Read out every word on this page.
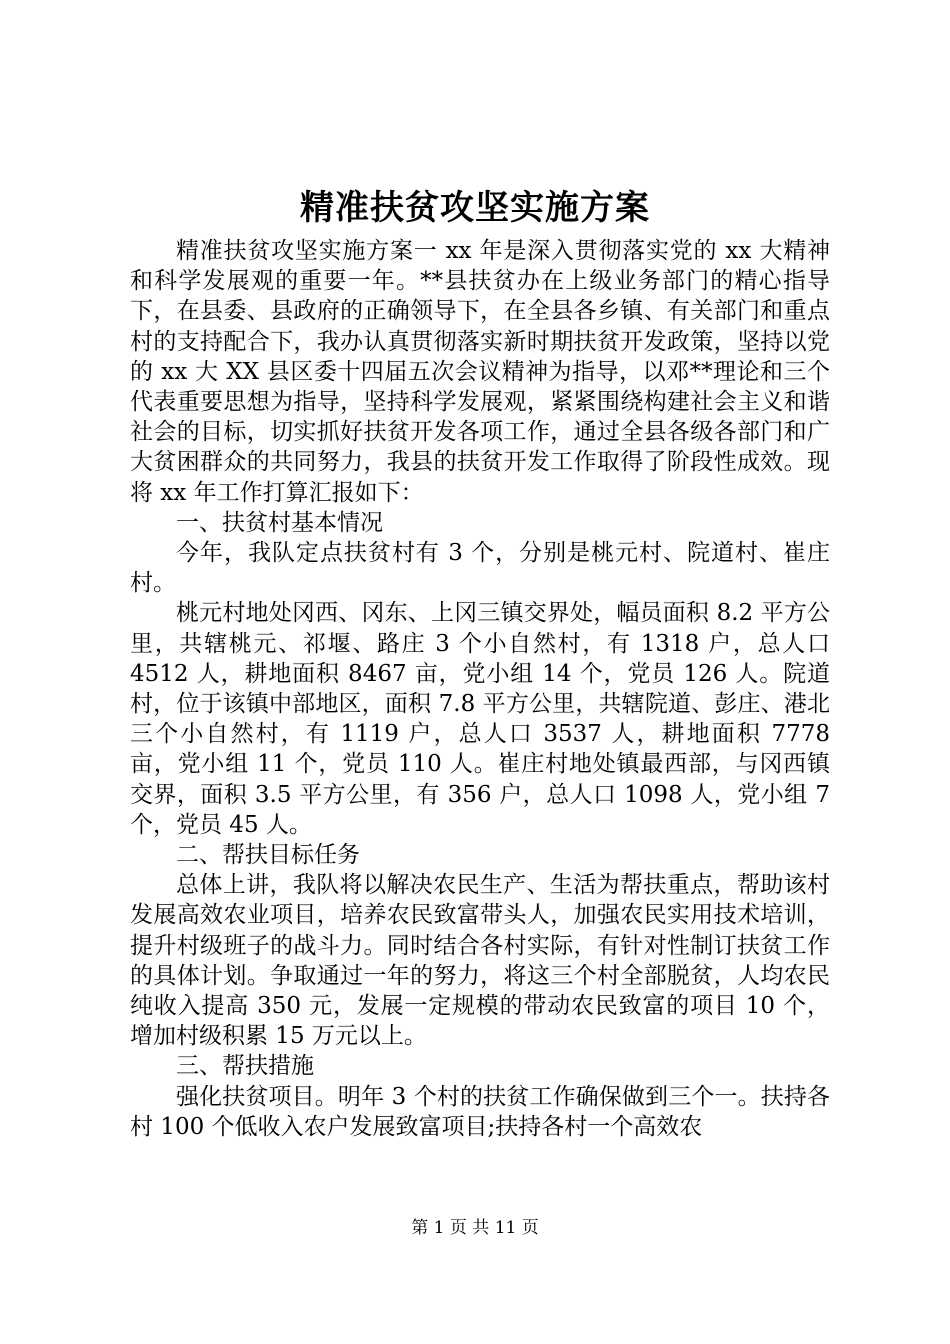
精准扶贫攻坚实施方案

精准扶贫攻坚实施方案一 xx 年是深入贯彻落实党的 xx 大精神和科学发展观的重要一年。**县扶贫办在上级业务部门的精心指导下，在县委、县政府的正确领导下，在全县各乡镇、有关部门和重点村的支持配合下，我办认真贯彻落实新时期扶贫开发政策，坚持以党的 xx 大 XX 县区委十四届五次会议精神为指导，以邓**理论和三个代表重要思想为指导，坚持科学发展观，紧紧围绕构建社会主义和谐社会的目标，切实抓好扶贫开发各项工作，通过全县各级各部门和广大贫困群众的共同努力，我县的扶贫开发工作取得了阶段性成效。现将 xx 年工作打算汇报如下：

一、扶贫村基本情况

今年，我队定点扶贫村有 3 个，分别是桃元村、院道村、崔庄村。

桃元村地处冈西、冈东、上冈三镇交界处，幅员面积 8.2 平方公里，共辖桃元、祁堰、路庄 3 个小自然村，有 1318 户，总人口 4512 人，耕地面积 8467 亩，党小组 14 个，党员 126 人。院道村，位于该镇中部地区，面积 7.8 平方公里，共辖院道、彭庄、港北三个小自然村，有 1119 户，总人口 3537 人，耕地面积 7778 亩，党小组 11 个，党员 110 人。崔庄村地处镇最西部，与冈西镇交界，面积 3.5 平方公里，有 356 户，总人口 1098 人，党小组 7 个，党员 45 人。

二、帮扶目标任务

总体上讲，我队将以解决农民生产、生活为帮扶重点，帮助该村发展高效农业项目，培养农民致富带头人，加强农民实用技术培训，提升村级班子的战斗力。同时结合各村实际，有针对性制订扶贫工作的具体计划。争取通过一年的努力，将这三个村全部脱贫，人均农民纯收入提高 350 元，发展一定规模的带动农民致富的项目 10 个，增加村级积累 15 万元以上。

三、帮扶措施

强化扶贫项目。明年 3 个村的扶贫工作确保做到三个一。扶持各村 100 个低收入农户发展致富项目;扶持各村一个高效农

第 1 页 共 11 页
